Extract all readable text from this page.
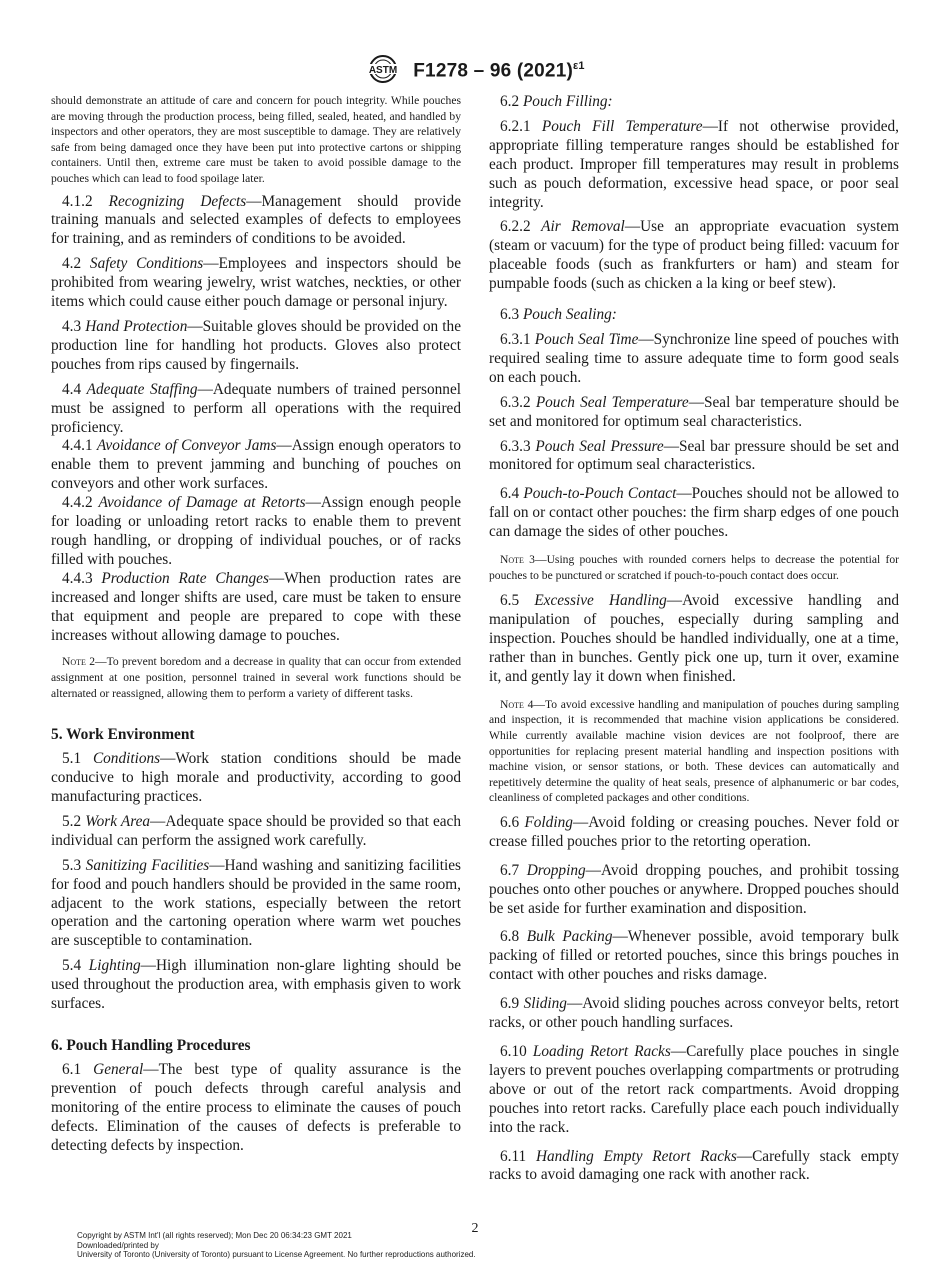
ASTM F1278 – 96 $(2021)^{\varepsilon 1}$

should demonstrate an attitude of care and concern for pouch integrity. While pouches are moving through the production process, being filled, sealed, heated, and handled by inspectors and other operators, they are most susceptible to damage. They are relatively safe from being damaged once they have been put into protective cartons or shipping containers. Until then, extreme care must be taken to avoid possible damage to the pouches which can lead to food spoilage later.

4.1.2 Recognizing Defects—Management should provide training manuals and selected examples of defects to employees for training, and as reminders of conditions to be avoided.

4.2 Safety Conditions—Employees and inspectors should be prohibited from wearing jewelry, wrist watches, neckties, or other items which could cause either pouch damage or personal injury.

4.3 Hand Protection—Suitable gloves should be provided on the production line for handling hot products. Gloves also protect pouches from rips caused by fingernails.

4.4 Adequate Staffing—Adequate numbers of trained personnel must be assigned to perform all operations with the required proficiency.

4.4.1 Avoidance of Conveyor Jams—Assign enough operators to enable them to prevent jamming and bunching of pouches on conveyors and other work surfaces.

4.4.2 Avoidance of Damage at Retorts—Assign enough people for loading or unloading retort racks to enable them to prevent rough handling, or dropping of individual pouches, or of racks filled with pouches.

4.4.3 Production Rate Changes—When production rates are increased and longer shifts are used, care must be taken to ensure that equipment and people are prepared to cope with these increases without allowing damage to pouches.

Note 2—To prevent boredom and a decrease in quality that can occur from extended assignment at one position, personnel trained in several work functions should be alternated or reassigned, allowing them to perform a variety of different tasks.

5. Work Environment

5.1 Conditions—Work station conditions should be made conducive to high morale and productivity, according to good manufacturing practices.

5.2 Work Area—Adequate space should be provided so that each individual can perform the assigned work carefully.

5.3 Sanitizing Facilities—Hand washing and sanitizing facilities for food and pouch handlers should be provided in the same room, adjacent to the work stations, especially between the retort operation and the cartoning operation where warm wet pouches are susceptible to contamination.

5.4 Lighting—High illumination non-glare lighting should be used throughout the production area, with emphasis given to work surfaces.

6. Pouch Handling Procedures

6.1 General—The best type of quality assurance is the prevention of pouch defects through careful analysis and monitoring of the entire process to eliminate the causes of pouch defects. Elimination of the causes of defects is preferable to detecting defects by inspection.

6.2 Pouch Filling:

6.2.1 Pouch Fill Temperature—If not otherwise provided, appropriate filling temperature ranges should be established for each product. Improper fill temperatures may result in problems such as pouch deformation, excessive head space, or poor seal integrity.

6.2.2 Air Removal—Use an appropriate evacuation system (steam or vacuum) for the type of product being filled: vacuum for placeable foods (such as frankfurters or ham) and steam for pumpable foods (such as chicken a la king or beef stew).

6.3 Pouch Sealing:

6.3.1 Pouch Seal Time—Synchronize line speed of pouches with required sealing time to assure adequate time to form good seals on each pouch.

6.3.2 Pouch Seal Temperature—Seal bar temperature should be set and monitored for optimum seal characteristics.

6.3.3 Pouch Seal Pressure—Seal bar pressure should be set and monitored for optimum seal characteristics.

6.4 Pouch-to-Pouch Contact—Pouches should not be allowed to fall on or contact other pouches: the firm sharp edges of one pouch can damage the sides of other pouches.

Note 3—Using pouches with rounded corners helps to decrease the potential for pouches to be punctured or scratched if pouch-to-pouch contact does occur.

6.5 Excessive Handling—Avoid excessive handling and manipulation of pouches, especially during sampling and inspection. Pouches should be handled individually, one at a time, rather than in bunches. Gently pick one up, turn it over, examine it, and gently lay it down when finished.

Note 4—To avoid excessive handling and manipulation of pouches during sampling and inspection, it is recommended that machine vision applications be considered. While currently available machine vision devices are not foolproof, there are opportunities for replacing present material handling and inspection positions with machine vision, or sensor stations, or both. These devices can automatically and repetitively determine the quality of heat seals, presence of alphanumeric or bar codes, cleanliness of completed packages and other conditions.

6.6 Folding—Avoid folding or creasing pouches. Never fold or crease filled pouches prior to the retorting operation.

6.7 Dropping—Avoid dropping pouches, and prohibit tossing pouches onto other pouches or anywhere. Dropped pouches should be set aside for further examination and disposition.

6.8 Bulk Packing—Whenever possible, avoid temporary bulk packing of filled or retorted pouches, since this brings pouches in contact with other pouches and risks damage.

6.9 Sliding—Avoid sliding pouches across conveyor belts, retort racks, or other pouch handling surfaces.

6.10 Loading Retort Racks—Carefully place pouches in single layers to prevent pouches overlapping compartments or protruding above or out of the retort rack compartments. Avoid dropping pouches into retort racks. Carefully place each pouch individually into the rack.

6.11 Handling Empty Retort Racks—Carefully stack empty racks to avoid damaging one rack with another rack.

2
Copyright by ASTM Int'l (all rights reserved); Mon Dec 20 06:34:23 GMT 2021
Downloaded/printed by
University of Toronto (University of Toronto) pursuant to License Agreement. No further reproductions authorized.
